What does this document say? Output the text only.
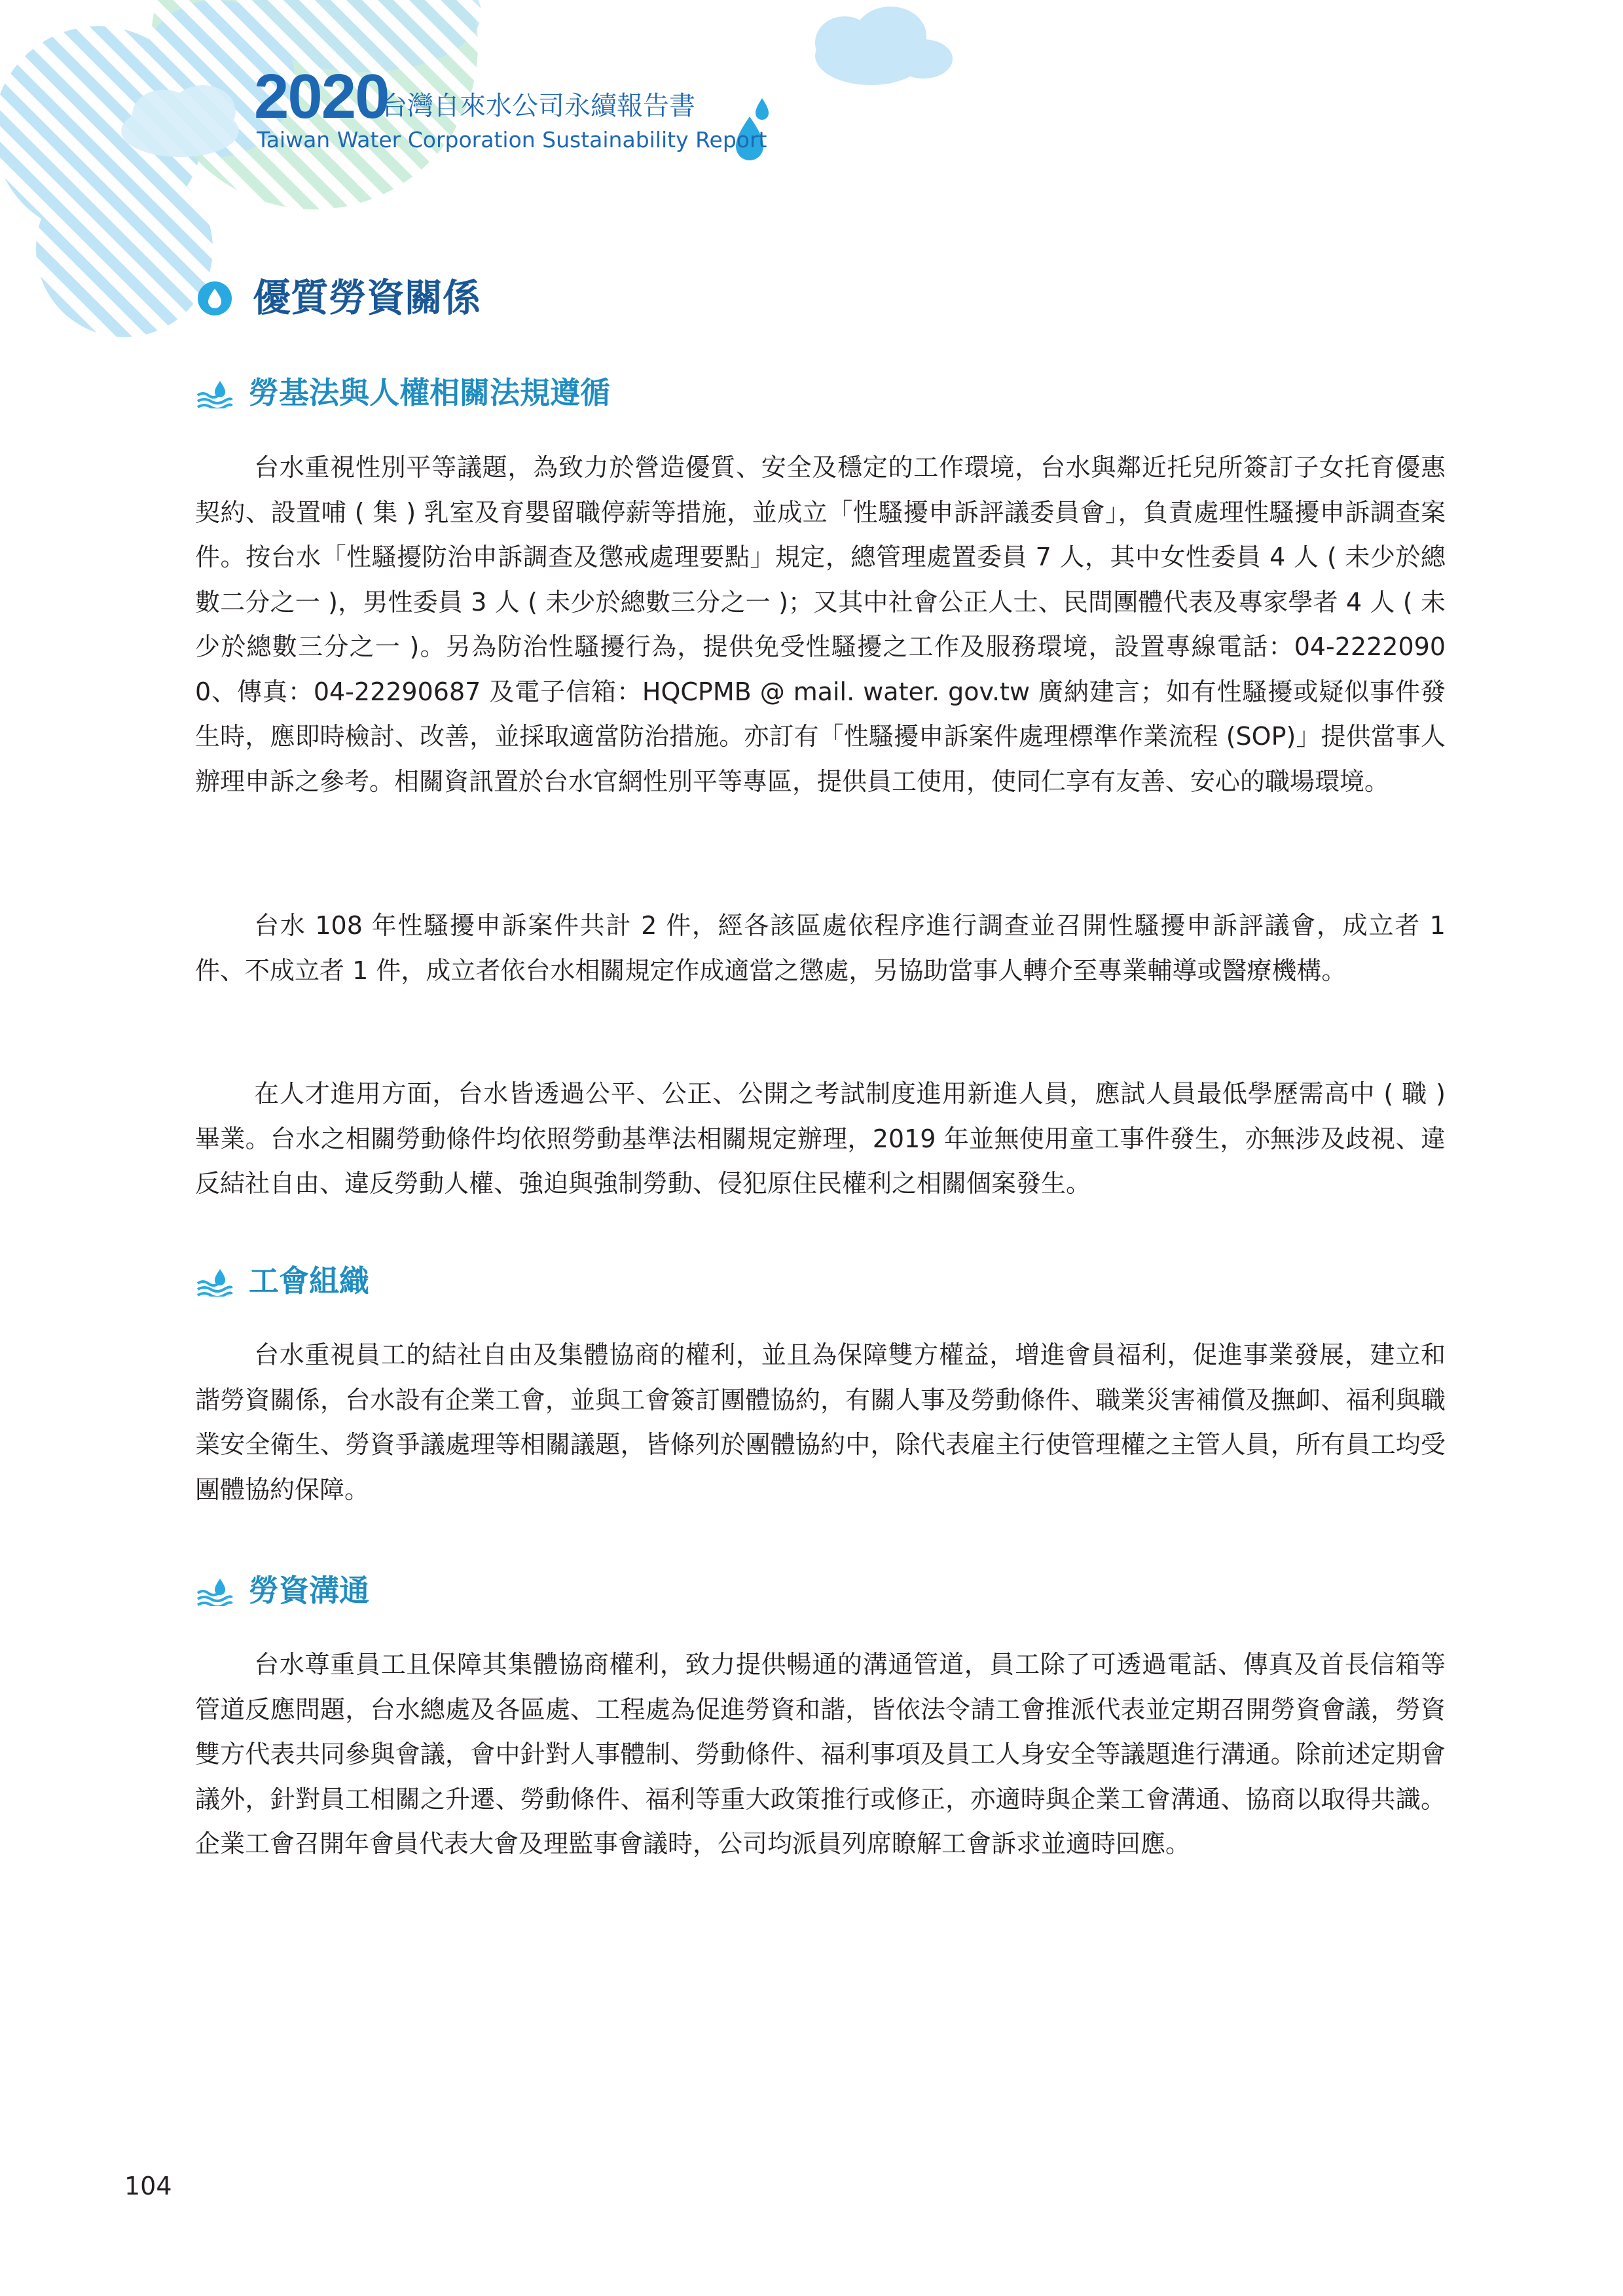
2020
台灣自來水公司永續報告書
Taiwan Water Corporation Sustainability Report
優質勞資關係
勞基法與人權相關法規遵循

台水重視性別平等議題，為致力於營造優質、安全及穩定的工作環境，台水與鄰近托兒所簽訂子女托育優惠契約、設置哺 ( 集 ) 乳室及育嬰留職停薪等措施，並成立「性騷擾申訴評議委員會」，負責處理性騷擾申訴調查案件。按台水「性騷擾防治申訴調查及懲戒處理要點」規定，總管理處置委員 7 人，其中女性委員 4 人 ( 未少於總數二分之一 )，男性委員 3 人 ( 未少於總數三分之一 )；又其中社會公正人士、民間團體代表及專家學者 4 人 ( 未少於總數三分之一 )。另為防治性騷擾行為，提供免受性騷擾之工作及服務環境，設置專線電話：04-22220900、傳真：04-22290687 及電子信箱：HQCPMB @ mail. water. gov.tw 廣納建言；如有性騷擾或疑似事件發生時，應即時檢討、改善，並採取適當防治措施。亦訂有「性騷擾申訴案件處理標準作業流程 (SOP)」提供當事人辦理申訴之參考。相關資訊置於台水官網性別平等專區，提供員工使用，使同仁享有友善、安心的職場環境。

台水 108 年性騷擾申訴案件共計 2 件，經各該區處依程序進行調查並召開性騷擾申訴評議會，成立者 1 件、不成立者 1 件，成立者依台水相關規定作成適當之懲處，另協助當事人轉介至專業輔導或醫療機構。

在人才進用方面，台水皆透過公平、公正、公開之考試制度進用新進人員，應試人員最低學歷需高中 ( 職 ) 畢業。台水之相關勞動條件均依照勞動基準法相關規定辦理，2019 年並無使用童工事件發生，亦無涉及歧視、違反結社自由、違反勞動人權、強迫與強制勞動、侵犯原住民權利之相關個案發生。

工會組織

台水重視員工的結社自由及集體協商的權利，並且為保障雙方權益，增進會員福利，促進事業發展，建立和諧勞資關係，台水設有企業工會，並與工會簽訂團體協約，有關人事及勞動條件、職業災害補償及撫卹、福利與職業安全衛生、勞資爭議處理等相關議題，皆條列於團體協約中，除代表雇主行使管理權之主管人員，所有員工均受團體協約保障。

勞資溝通

台水尊重員工且保障其集體協商權利，致力提供暢通的溝通管道，員工除了可透過電話、傳真及首長信箱等管道反應問題，台水總處及各區處、工程處為促進勞資和諧，皆依法令請工會推派代表並定期召開勞資會議，勞資雙方代表共同參與會議，會中針對人事體制、勞動條件、福利事項及員工人身安全等議題進行溝通。除前述定期會議外，針對員工相關之升遷、勞動條件、福利等重大政策推行或修正，亦適時與企業工會溝通、協商以取得共識。企業工會召開年會員代表大會及理監事會議時，公司均派員列席瞭解工會訴求並適時回應。

104
